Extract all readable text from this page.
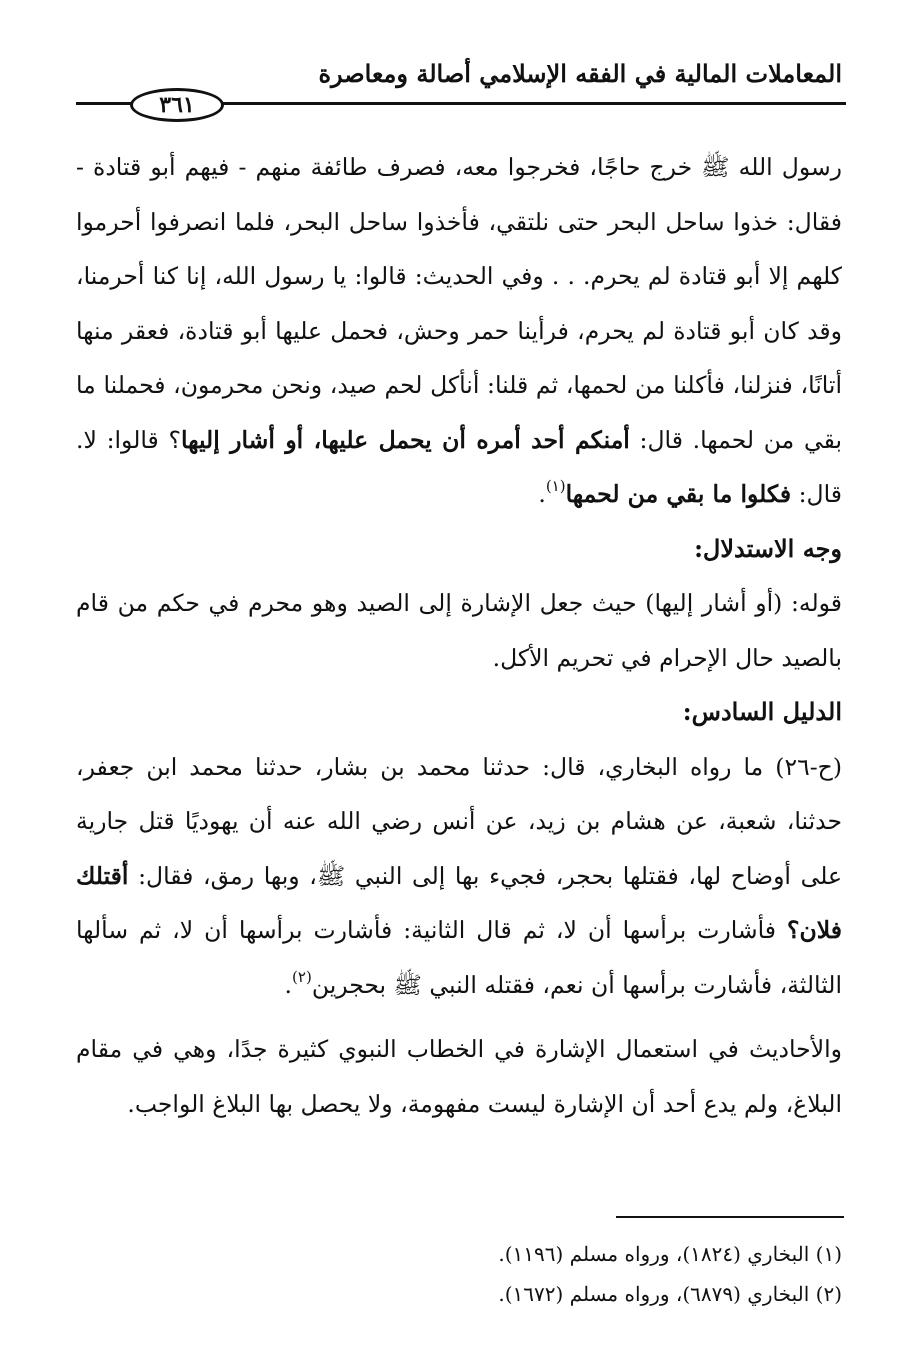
المعاملات المالية في الفقه الإسلامي أصالة ومعاصرة
٣٦١

رسول الله ﷺ خرج حاجًا، فخرجوا معه، فصرف طائفة منهم - فيهم أبو قتادة - فقال: خذوا ساحل البحر حتى نلتقي، فأخذوا ساحل البحر، فلما انصرفوا أحرموا كلهم إلا أبو قتادة لم يحرم. . . وفي الحديث: قالوا: يا رسول الله، إنا كنا أحرمنا، وقد كان أبو قتادة لم يحرم، فرأينا حمر وحش، فحمل عليها أبو قتادة، فعقر منها أتانًا، فنزلنا، فأكلنا من لحمها، ثم قلنا: أنأكل لحم صيد، ونحن محرمون، فحملنا ما بقي من لحمها. قال: أمنكم أحد أمره أن يحمل عليها، أو أشار إليها؟ قالوا: لا. قال: فكلوا ما بقي من لحمها$^{(١)}$.

وجه الاستدلال:

قوله: (أو أشار إليها) حيث جعل الإشارة إلى الصيد وهو محرم في حكم من قام بالصيد حال الإحرام في تحريم الأكل.

الدليل السادس:

(ح-٢٦) ما رواه البخاري، قال: حدثنا محمد بن بشار، حدثنا محمد ابن جعفر، حدثنا، شعبة، عن هشام بن زيد، عن أنس رضي الله عنه أن يهوديًا قتل جارية على أوضاح لها، فقتلها بحجر، فجيء بها إلى النبي ﷺ، وبها رمق، فقال: أقتلك فلان؟ فأشارت برأسها أن لا، ثم قال الثانية: فأشارت برأسها أن لا، ثم سألها الثالثة، فأشارت برأسها أن نعم، فقتله النبي ﷺ بحجرين$^{(٢)}$.

والأحاديث في استعمال الإشارة في الخطاب النبوي كثيرة جدًا، وهي في مقام البلاغ، ولم يدع أحد أن الإشارة ليست مفهومة، ولا يحصل بها البلاغ الواجب.

(١) البخاري (١٨٢٤)، ورواه مسلم (١١٩٦).
(٢) البخاري (٦٨٧٩)، ورواه مسلم (١٦٧٢).
